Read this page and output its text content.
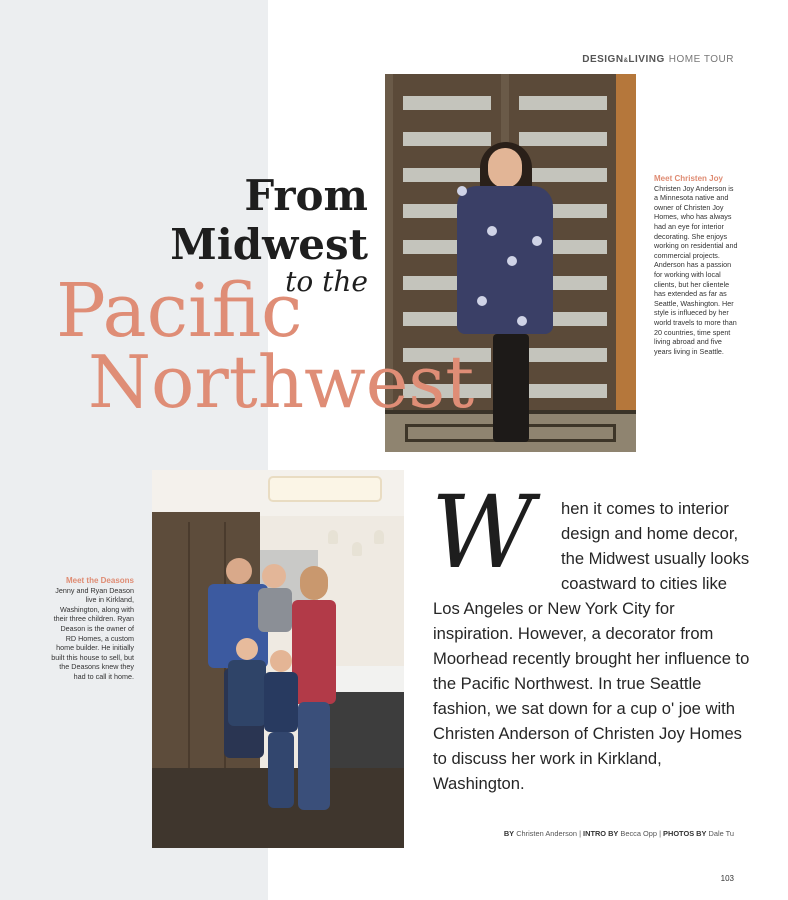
DESIGN&LIVING HOME TOUR
Meet Christen Joy
Christen Joy Anderson is a Minnesota native and owner of Christen Joy Homes, who has always had an eye for interior decorating. She enjoys working on residential and commercial projects. Anderson has a passion for working with local clients, but her clientele has extended as far as Seattle, Washington. Her style is influeced by her world travels to more than 20 countries, time spent living abroad and five years living in Seattle.
From
Midwest
to the
Pacific
Northwest
Meet the Deasons
Jenny and Ryan Deason live in Kirkland, Washington, along with their three children. Ryan Deason is the owner of RD Homes, a custom home builder. He initially built this house to sell, but the Deasons knew they had to call it home.
W	hen it comes to interior design and home decor, the Midwest usually looks coastward to cities like Los Angeles or New York City for inspiration. However, a decorator from Moorhead recently brought her influence to the Pacific Northwest. In true Seattle fashion, we sat down for a cup o' joe with Christen Anderson of Christen Joy Homes to discuss her work in Kirkland, Washington.
BY Christen Anderson | INTRO BY Becca Opp | PHOTOS BY Dale Tu
103
